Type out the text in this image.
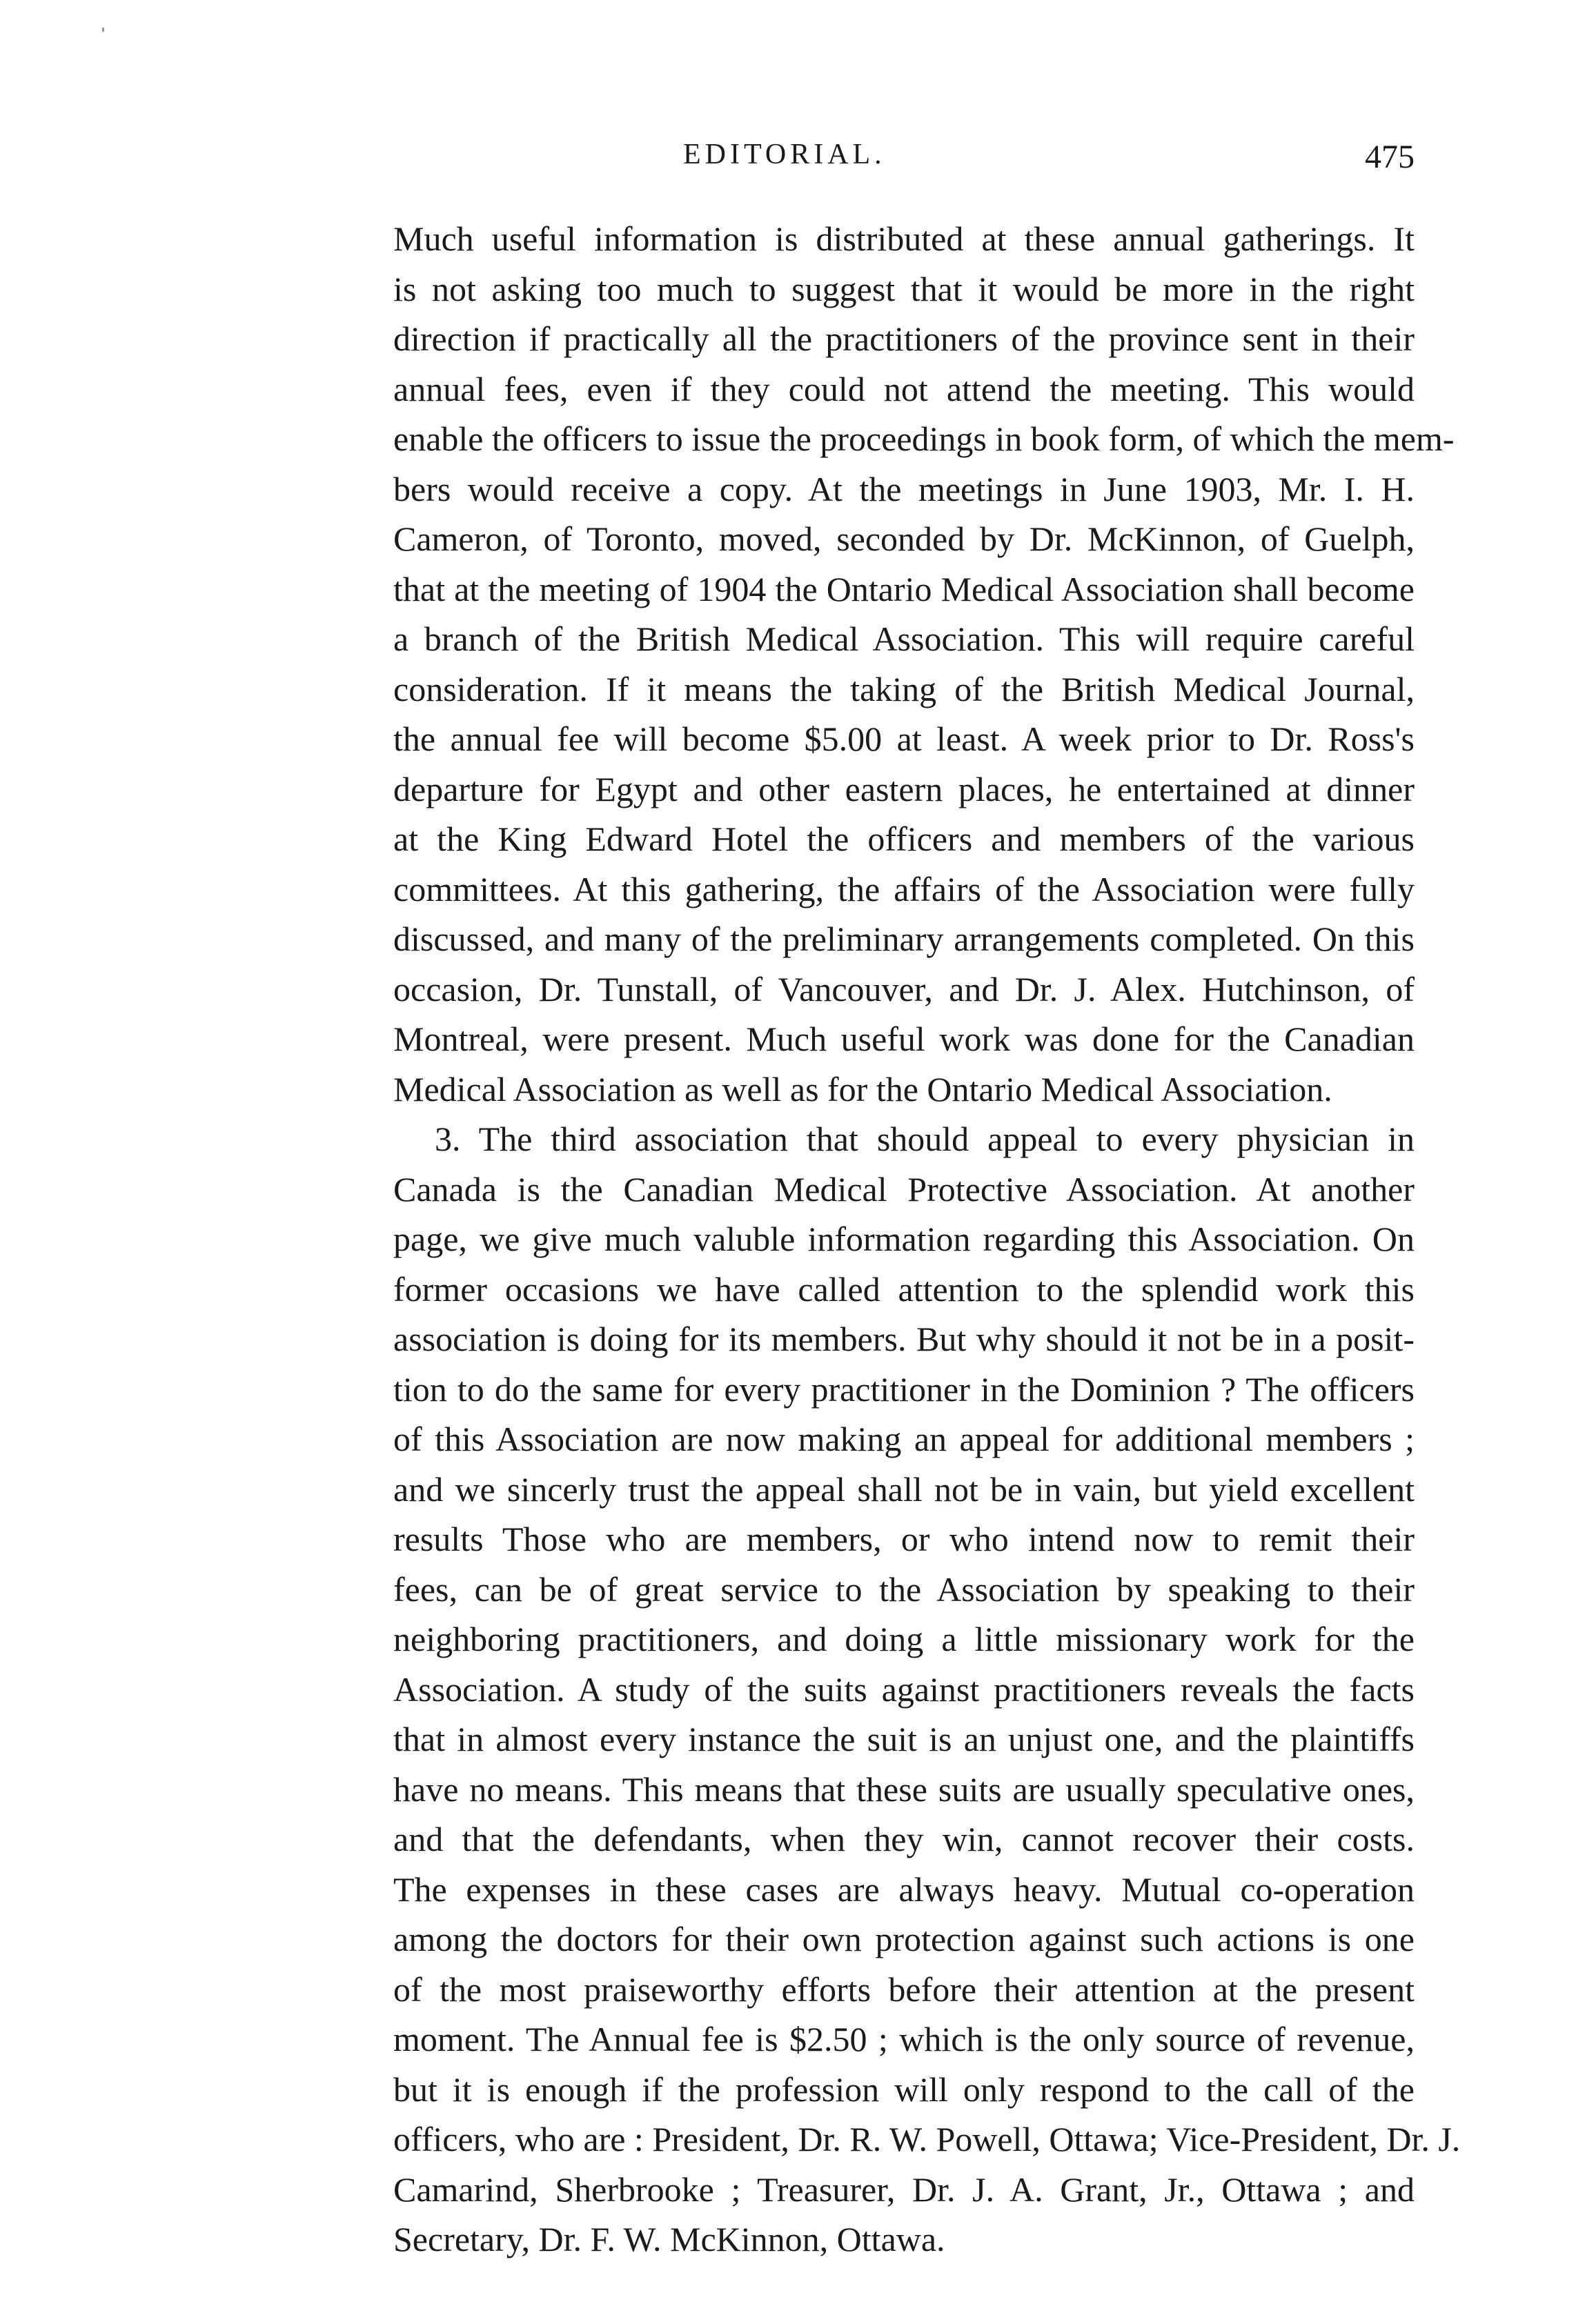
EDITORIAL.	475
Much useful information is distributed at these annual gatherings. It
is not asking too much to suggest that it would be more in the right
direction if practically all the practitioners of the province sent in their
annual fees, even if they could not attend the meeting. This would
enable the officers to issue the proceedings in book form, of which the mem-
bers would receive a copy. At the meetings in June 1903, Mr. I. H.
Cameron, of Toronto, moved, seconded by Dr. McKinnon, of Guelph,
that at the meeting of 1904 the Ontario Medical Association shall become
a branch of the British Medical Association. This will require careful
consideration. If it means the taking of the British Medical Journal,
the annual fee will become $5.00 at least. A week prior to Dr. Ross's
departure for Egypt and other eastern places, he entertained at dinner
at the King Edward Hotel the officers and members of the various
committees. At this gathering, the affairs of the Association were fully
discussed, and many of the preliminary arrangements completed. On this
occasion, Dr. Tunstall, of Vancouver, and Dr. J. Alex. Hutchinson, of
Montreal, were present. Much useful work was done for the Canadian
Medical Association as well as for the Ontario Medical Association.
3. The third association that should appeal to every physician in
Canada is the Canadian Medical Protective Association. At another
page, we give much valuble information regarding this Association. On
former occasions we have called attention to the splendid work this
association is doing for its members. But why should it not be in a posit-
tion to do the same for every practitioner in the Dominion ? The officers
of this Association are now making an appeal for additional members ;
and we sincerly trust the appeal shall not be in vain, but yield excellent
results Those who are members, or who intend now to remit their
fees, can be of great service to the Association by speaking to their
neighboring practitioners, and doing a little missionary work for the
Association. A study of the suits against practitioners reveals the facts
that in almost every instance the suit is an unjust one, and the plaintiffs
have no means. This means that these suits are usually speculative ones,
and that the defendants, when they win, cannot recover their costs.
The expenses in these cases are always heavy. Mutual co-operation
among the doctors for their own protection against such actions is one
of the most praiseworthy efforts before their attention at the present
moment. The Annual fee is $2.50 ; which is the only source of revenue,
but it is enough if the profession will only respond to the call of the
officers, who are : President, Dr. R. W. Powell, Ottawa; Vice-President, Dr. J.
Camarind, Sherbrooke ; Treasurer, Dr. J. A. Grant, Jr., Ottawa ; and
Secretary, Dr. F. W. McKinnon, Ottawa.
